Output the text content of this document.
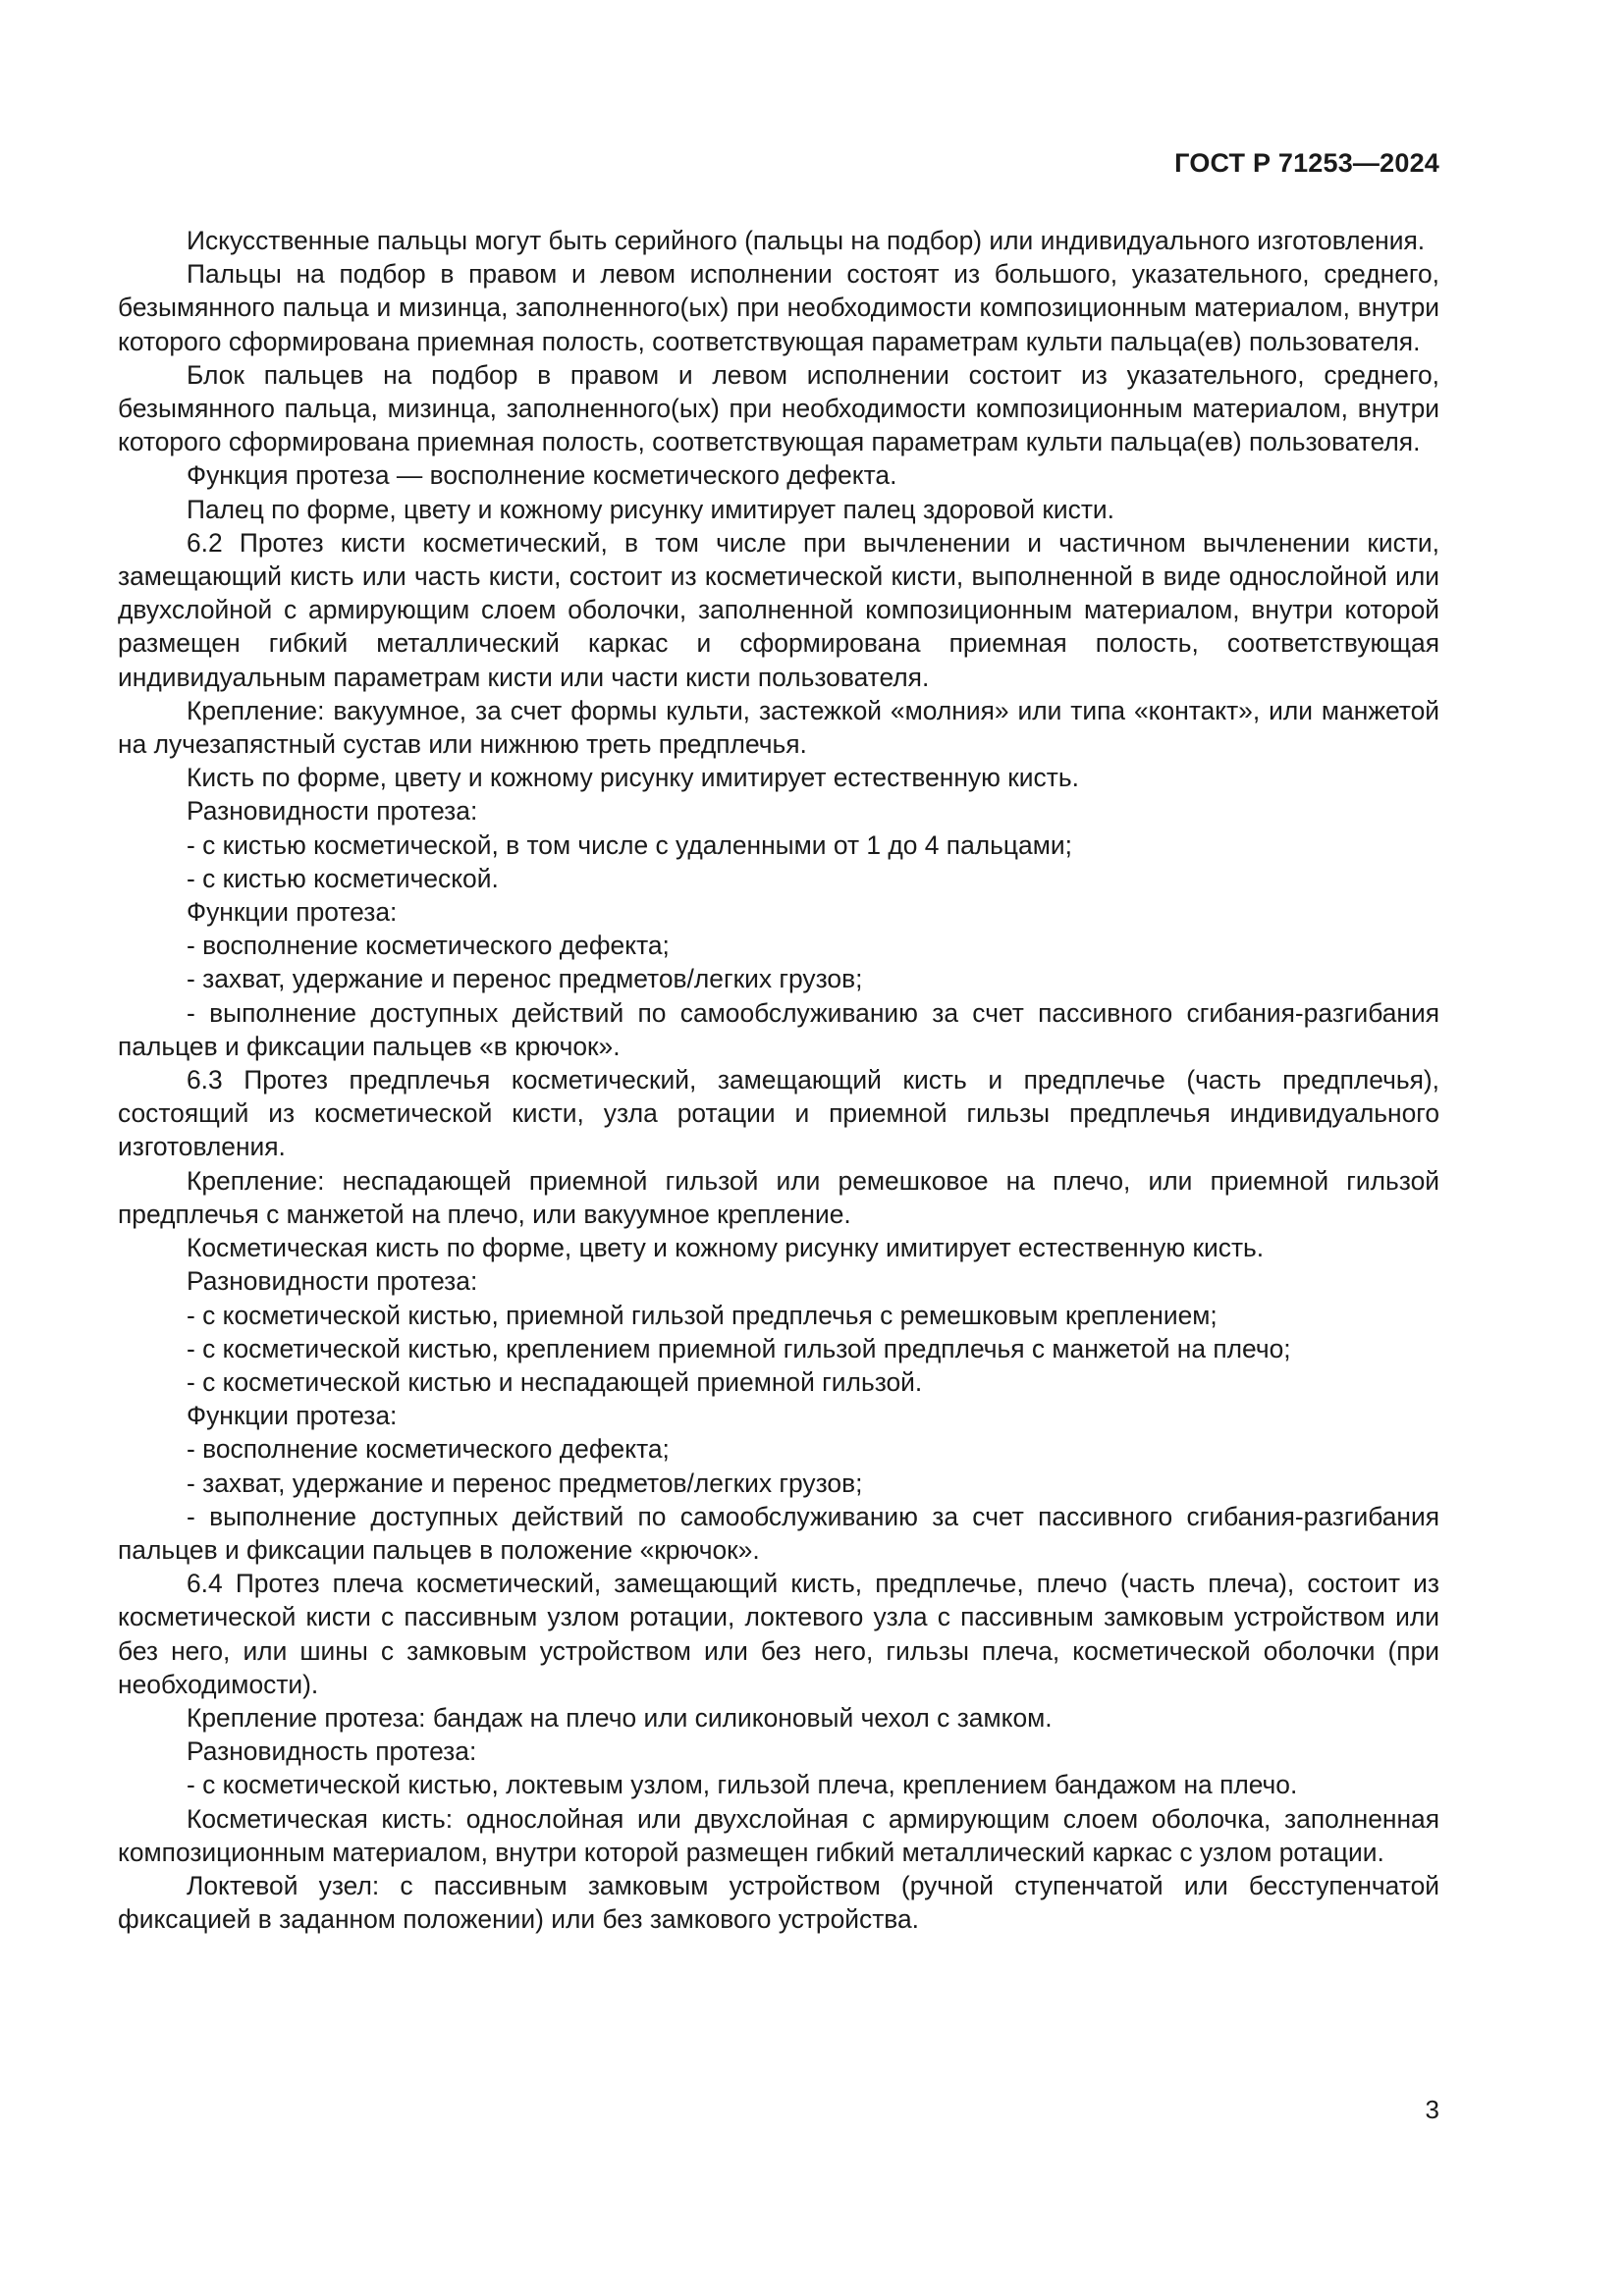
ГОСТ Р 71253—2024

Искусственные пальцы могут быть серийного (пальцы на подбор) или индивидуального изготовления.

Пальцы на подбор в правом и левом исполнении состоят из большого, указательного, среднего, безымянного пальца и мизинца, заполненного(ых) при необходимости композиционным материалом, внутри которого сформирована приемная полость, соответствующая параметрам культи пальца(ев) пользователя.

Блок пальцев на подбор в правом и левом исполнении состоит из указательного, среднего, безымянного пальца, мизинца, заполненного(ых) при необходимости композиционным материалом, внутри которого сформирована приемная полость, соответствующая параметрам культи пальца(ев) пользователя.

Функция протеза — восполнение косметического дефекта.

Палец по форме, цвету и кожному рисунку имитирует палец здоровой кисти.

6.2 Протез кисти косметический, в том числе при вычленении и частичном вычленении кисти, замещающий кисть или часть кисти, состоит из косметической кисти, выполненной в виде однослойной или двухслойной с армирующим слоем оболочки, заполненной композиционным материалом, внутри которой размещен гибкий металлический каркас и сформирована приемная полость, соответствующая индивидуальным параметрам кисти или части кисти пользователя.

Крепление: вакуумное, за счет формы культи, застежкой «молния» или типа «контакт», или манжетой на лучезапястный сустав или нижнюю треть предплечья.

Кисть по форме, цвету и кожному рисунку имитирует естественную кисть.

Разновидности протеза:

- с кистью косметической, в том числе с удаленными от 1 до 4 пальцами;

- с кистью косметической.

Функции протеза:

- восполнение косметического дефекта;

- захват, удержание и перенос предметов/легких грузов;

- выполнение доступных действий по самообслуживанию за счет пассивного сгибания-разгибания пальцев и фиксации пальцев «в крючок».

6.3 Протез предплечья косметический, замещающий кисть и предплечье (часть предплечья), состоящий из косметической кисти, узла ротации и приемной гильзы предплечья индивидуального изготовления.

Крепление: неспадающей приемной гильзой или ремешковое на плечо, или приемной гильзой предплечья с манжетой на плечо, или вакуумное крепление.

Косметическая кисть по форме, цвету и кожному рисунку имитирует естественную кисть.

Разновидности протеза:

- с косметической кистью, приемной гильзой предплечья с ремешковым креплением;

- с косметической кистью, креплением приемной гильзой предплечья с манжетой на плечо;

- с косметической кистью и неспадающей приемной гильзой.

Функции протеза:

- восполнение косметического дефекта;

- захват, удержание и перенос предметов/легких грузов;

- выполнение доступных действий по самообслуживанию за счет пассивного сгибания-разгибания пальцев и фиксации пальцев в положение «крючок».

6.4 Протез плеча косметический, замещающий кисть, предплечье, плечо (часть плеча), состоит из косметической кисти с пассивным узлом ротации, локтевого узла с пассивным замковым устройством или без него, или шины с замковым устройством или без него, гильзы плеча, косметической оболочки (при необходимости).

Крепление протеза: бандаж на плечо или силиконовый чехол с замком.

Разновидность протеза:

- с косметической кистью, локтевым узлом, гильзой плеча, креплением бандажом на плечо.

Косметическая кисть: однослойная или двухслойная с армирующим слоем оболочка, заполненная композиционным материалом, внутри которой размещен гибкий металлический каркас с узлом ротации.

Локтевой узел: с пассивным замковым устройством (ручной ступенчатой или бесступенчатой фиксацией в заданном положении) или без замкового устройства.

3
